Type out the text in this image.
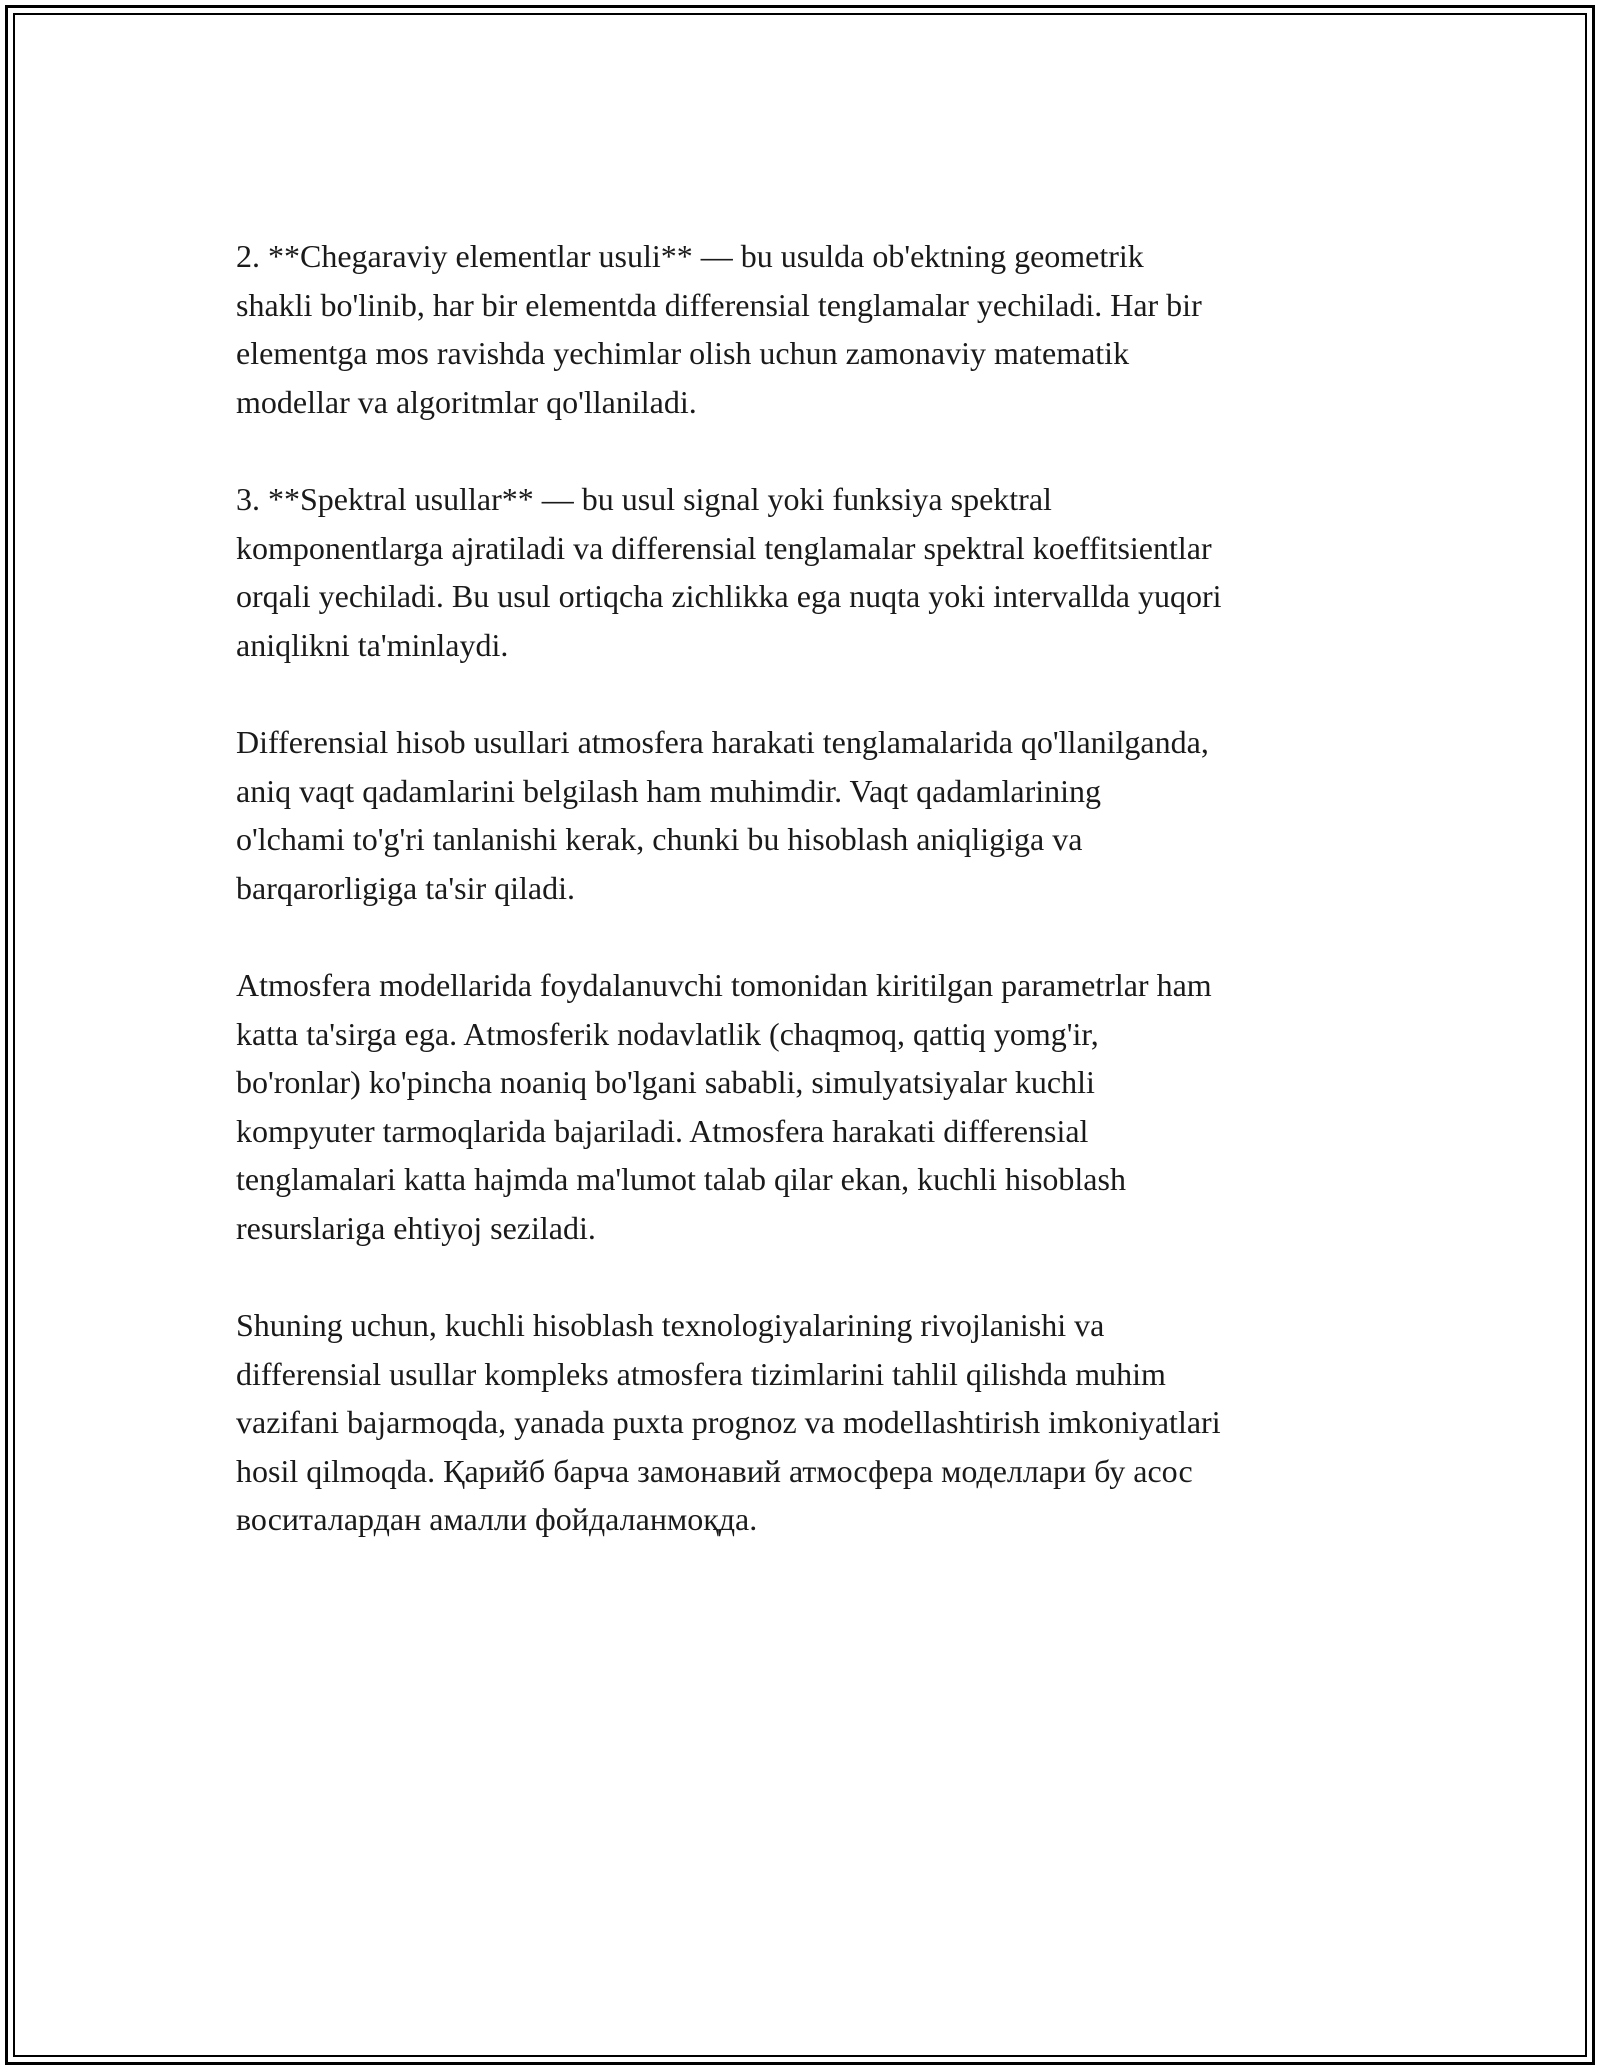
2. **Chegaraviy elementlar usuli** — bu usulda ob'ektning geometrik
shakli bo'linib, har bir elementda differensial tenglamalar yechiladi. Har bir
elementga mos ravishda yechimlar olish uchun zamonaviy matematik
modellar va algoritmlar qo'llaniladi.

3. **Spektral usullar** — bu usul signal yoki funksiya spektral
komponentlarga ajratiladi va differensial tenglamalar spektral koeffitsientlar
orqali yechiladi. Bu usul ortiqcha zichlikka ega nuqta yoki intervallda yuqori
aniqlikni ta'minlaydi.

Differensial hisob usullari atmosfera harakati tenglamalarida qo'llanilganda,
aniq vaqt qadamlarini belgilash ham muhimdir. Vaqt qadamlarining
o'lchami to'g'ri tanlanishi kerak, chunki bu hisoblash aniqligiga va
barqarorligiga ta'sir qiladi.

Atmosfera modellarida foydalanuvchi tomonidan kiritilgan parametrlar ham
katta ta'sirga ega. Atmosferik nodavlatlik (chaqmoq, qattiq yomg'ir,
bo'ronlar) ko'pincha noaniq bo'lgani sababli, simulyatsiyalar kuchli
kompyuter tarmoqlarida bajariladi. Atmosfera harakati differensial
tenglamalari katta hajmda ma'lumot talab qilar ekan, kuchli hisoblash
resurslariga ehtiyoj seziladi.

Shuning uchun, kuchli hisoblash texnologiyalarining rivojlanishi va
differensial usullar kompleks atmosfera tizimlarini tahlil qilishda muhim
vazifani bajarmoqda, yanada puxta prognoz va modellashtirish imkoniyatlari
hosil qilmoqda. Қарийб барча замонавий атмосфера моделлари бу асос
воситалардан амалли фойдаланмоқда.
